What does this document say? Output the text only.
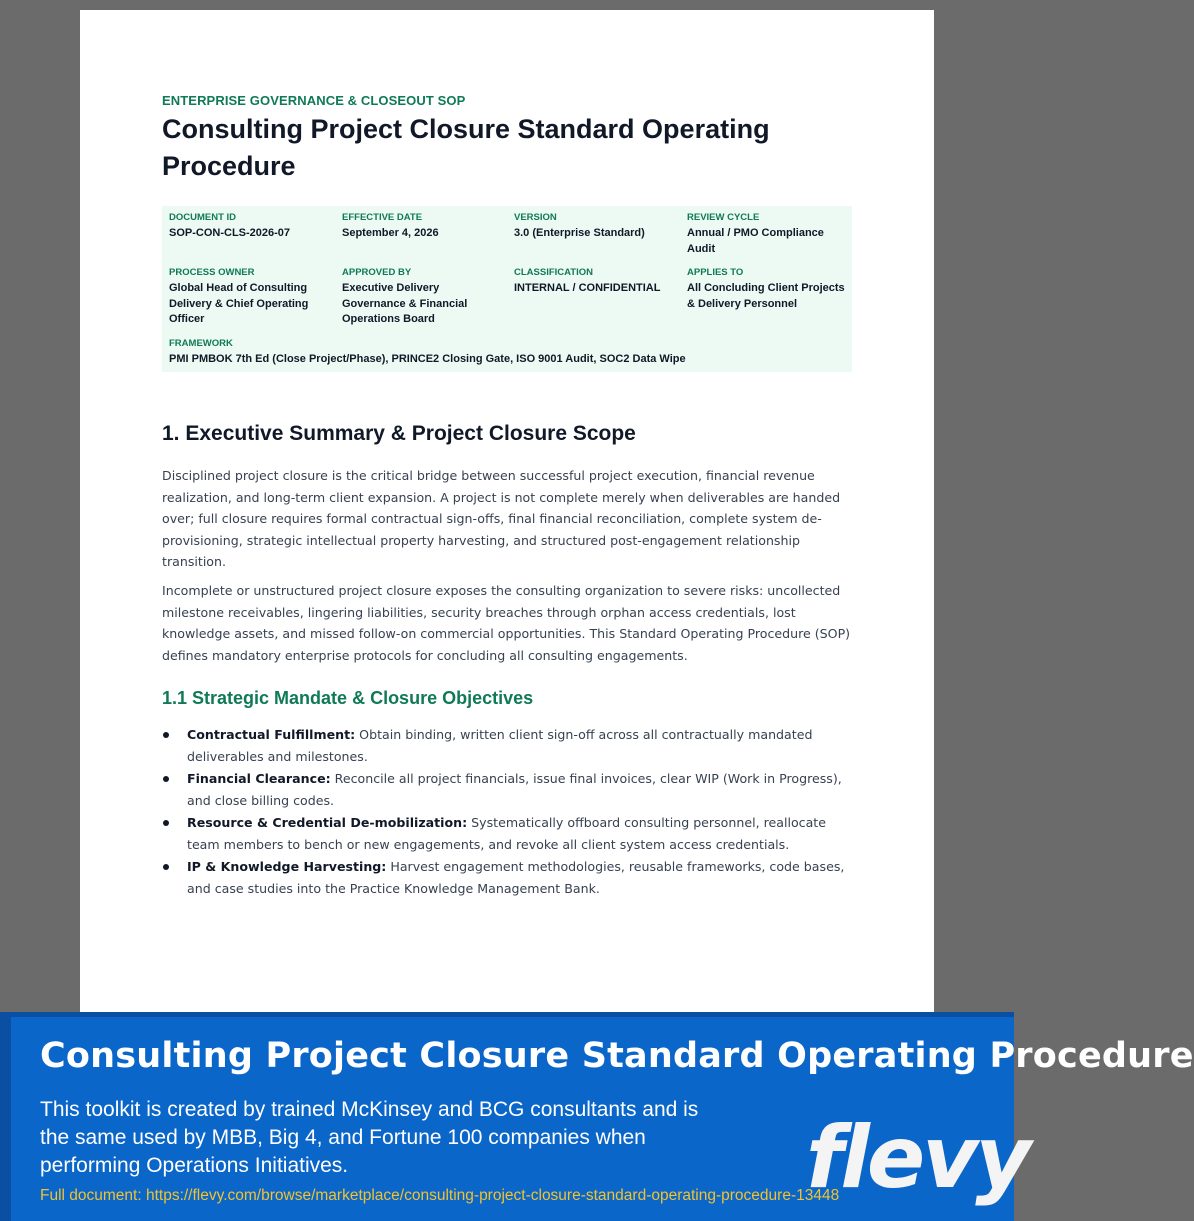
ENTERPRISE GOVERNANCE & CLOSEOUT SOP
Consulting Project Closure Standard Operating Procedure
DOCUMENT ID
SOP-CON-CLS-2026-07
EFFECTIVE DATE
September 4, 2026
VERSION
3.0 (Enterprise Standard)
REVIEW CYCLE
Annual / PMO Compliance Audit
PROCESS OWNER
Global Head of Consulting Delivery & Chief Operating Officer
APPROVED BY
Executive Delivery Governance & Financial Operations Board
CLASSIFICATION
INTERNAL / CONFIDENTIAL
APPLIES TO
All Concluding Client Projects & Delivery Personnel
FRAMEWORK
PMI PMBOK 7th Ed (Close Project/Phase), PRINCE2 Closing Gate, ISO 9001 Audit, SOC2 Data Wipe
1. Executive Summary & Project Closure Scope

Disciplined project closure is the critical bridge between successful project execution, financial revenue realization, and long-term client expansion. A project is not complete merely when deliverables are handed over; full closure requires formal contractual sign-offs, final financial reconciliation, complete system de-provisioning, strategic intellectual property harvesting, and structured post-engagement relationship transition.

Incomplete or unstructured project closure exposes the consulting organization to severe risks: uncollected milestone receivables, lingering liabilities, security breaches through orphan access credentials, lost knowledge assets, and missed follow-on commercial opportunities. This Standard Operating Procedure (SOP) defines mandatory enterprise protocols for concluding all consulting engagements.

1.1 Strategic Mandate & Closure Objectives
Contractual Fulfillment: Obtain binding, written client sign-off across all contractually mandated deliverables and milestones.
Financial Clearance: Reconcile all project financials, issue final invoices, clear WIP (Work in Progress), and close billing codes.
Resource & Credential De-mobilization: Systematically offboard consulting personnel, reallocate team members to bench or new engagements, and revoke all client system access credentials.
IP & Knowledge Harvesting: Harvest engagement methodologies, reusable frameworks, code bases, and case studies into the Practice Knowledge Management Bank.
Consulting Project Closure Standard Operating Procedure

This toolkit is created by trained McKinsey and BCG consultants and is the same used by MBB, Big 4, and Fortune 100 companies when performing Operations Initiatives.

Full document: https://flevy.com/browse/marketplace/consulting-project-closure-standard-operating-procedure-13448
flevy
